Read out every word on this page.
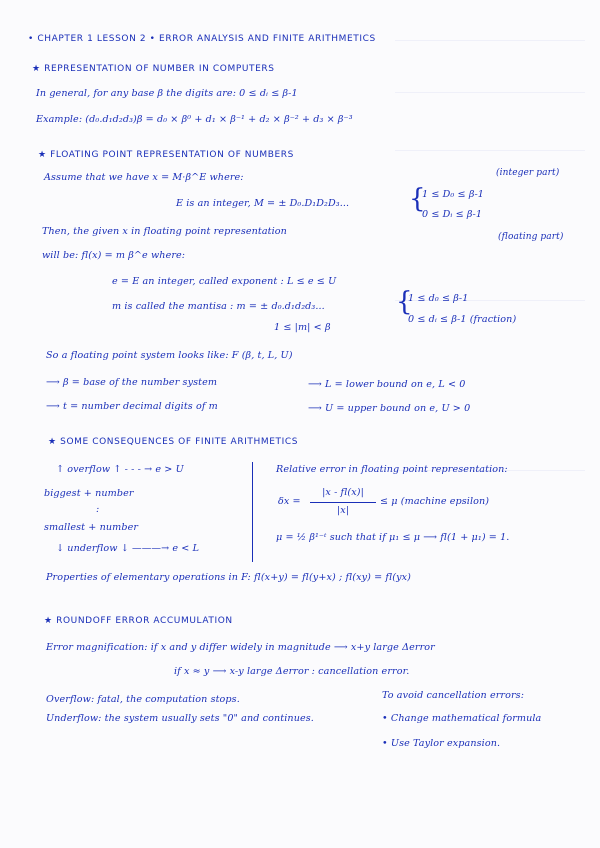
• CHAPTER 1 LESSON 2 • ERROR ANALYSIS AND FINITE ARITHMETICS
★ REPRESENTATION OF NUMBER IN COMPUTERS
In general, for any base β the digits are: 0 ≤ dᵢ ≤ β-1
Example: (d₀.d₁d₂d₃)β = d₀ × β⁰ + d₁ × β⁻¹ + d₂ × β⁻² + d₃ × β⁻³
★ FLOATING POINT REPRESENTATION OF NUMBERS
Assume that we have x = M·β^E where:	(integer part)
E is an integer, M = ± D₀.D₁D₂D₃... {
1 ≤ D₀ ≤ β-1
0 ≤ Dᵢ ≤ β-1
Then, the given x in floating point representation	(floating part)
will be: fl(x) = m β^e where:
e = E an integer, called exponent : L ≤ e ≤ U
m is called the mantisa : m = ± d₀.d₁d₂d₃...	{
1 ≤ d₀ ≤ β-1
0 ≤ dᵢ ≤ β-1 (fraction)
1 ≤ |m| < β
So a floating point system looks like: F (β, t, L, U)
⟶ β = base of the number system	⟶ L = lower bound on e, L < 0
⟶ t = number decimal digits of m	⟶ U = upper bound on e, U > 0
★ SOME CONSEQUENCES OF FINITE ARITHMETICS
↑ overflow ↑ - - - → e > U
biggest + number
:
smallest + number
↓ underflow ↓ ———→ e < L
Relative error in floating point representation:
δx =
|x - fl(x)|
|x|
≤ μ (machine epsilon)
μ = ½ β¹⁻ᵗ such that if μ₁ ≤ μ ⟶ fl(1 + μ₁) = 1.
Properties of elementary operations in F: fl(x+y) = fl(y+x) ; fl(xy) = fl(yx)
★ ROUNDOFF ERROR ACCUMULATION
Error magnification: if x and y differ widely in magnitude ⟶ x+y large Δerror
if x ≈ y ⟶ x-y large Δerror : cancellation error.
To avoid cancellation errors:
Overflow: fatal, the computation stops.
Underflow: the system usually sets "0" and continues.	• Change mathematical formula
• Use Taylor expansion.
